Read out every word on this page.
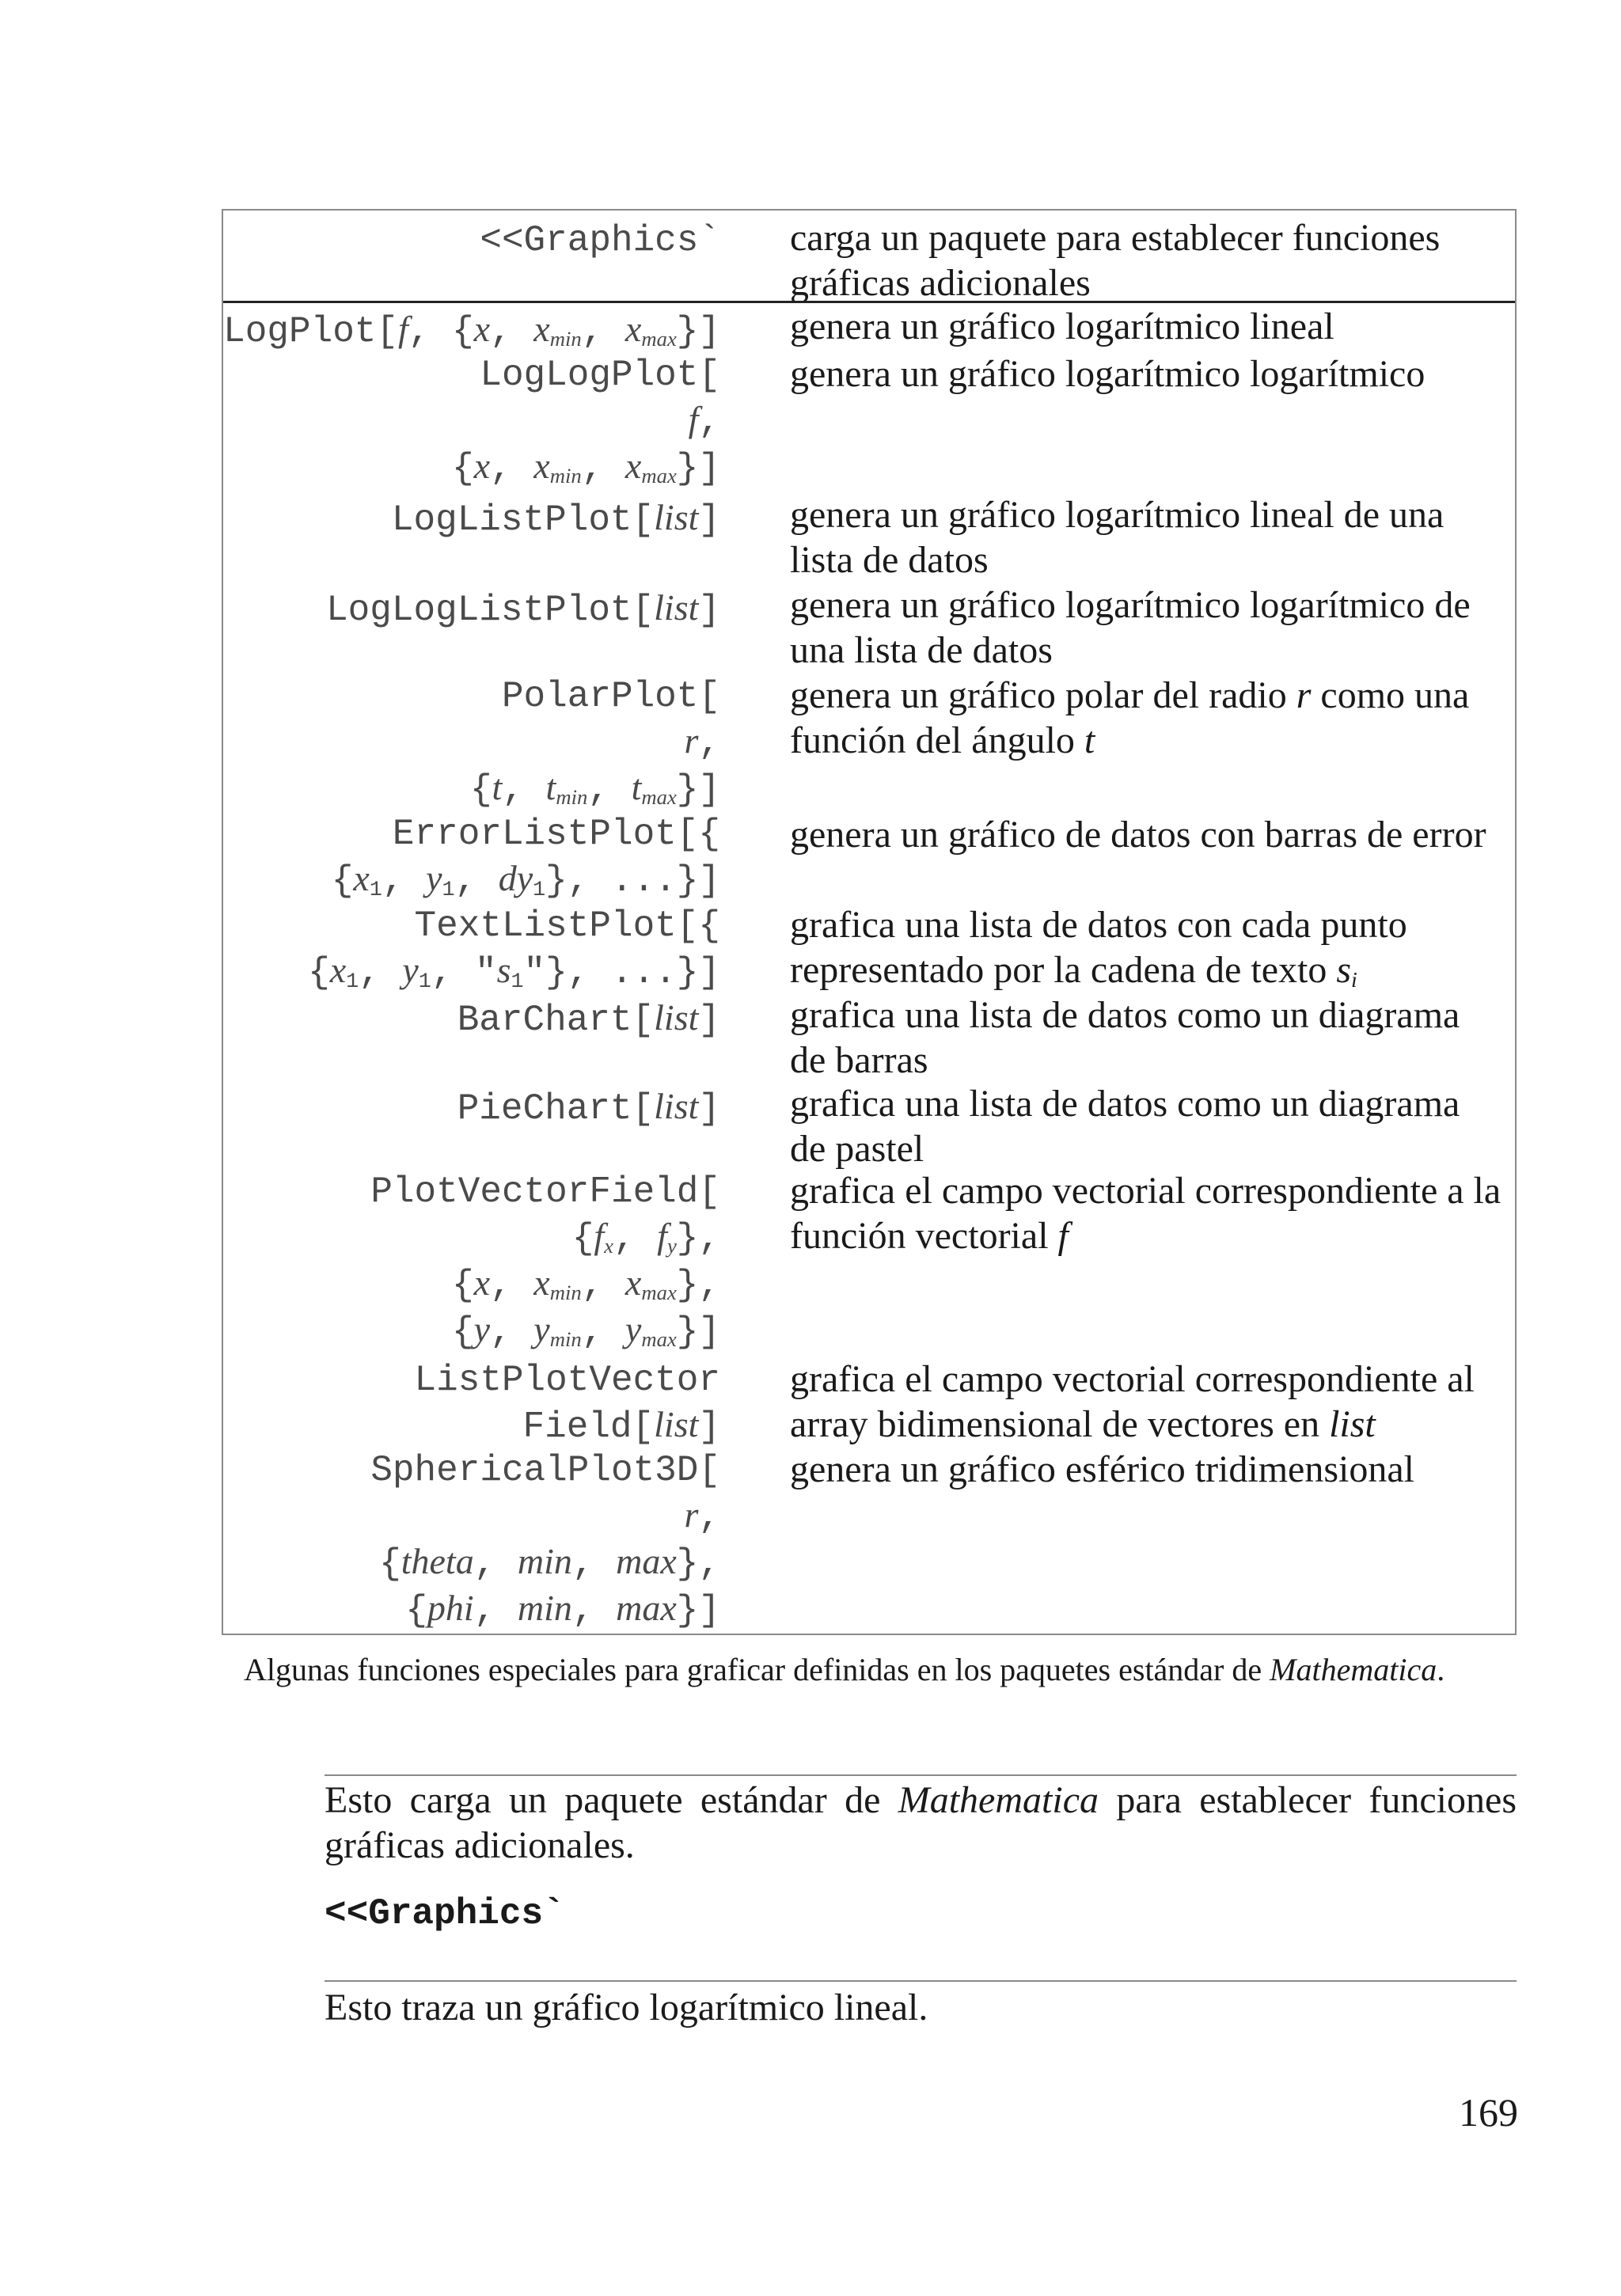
<<Graphics` carga un paquete para establecer funciones gráficas adicionales
LogPlot[f, {x, $x_{min}$, $x_{max}$}] genera un gráfico logarítmico lineal
LogLogPlot[
f,
{x, $x_{min}$, $x_{max}$}]
genera un gráfico logarítmico logarítmico
LogListPlot[list] genera un gráfico logarítmico lineal de una lista de datos
LogLogListPlot[list] genera un gráfico logarítmico logarítmico de una lista de datos
PolarPlot[
r,
{t, $t_{min}$, $t_{max}$}]
genera un gráfico polar del radio r como una función del ángulo t
ErrorListPlot[{
{$x_1$, $y_1$, $dy_1$}, ...}]
genera un gráfico de datos con barras de error
TextListPlot[{
{$x_1$, $y_1$, "$s_1$"}, ...}]
grafica una lista de datos con cada punto representado por la cadena de texto $s_i$
BarChart[list] grafica una lista de datos como un diagrama de barras
PieChart[list] grafica una lista de datos como un diagrama de pastel
PlotVectorField[
{$f_x$, $f_y$},
{x, $x_{min}$, $x_{max}$},
{y, $y_{min}$, $y_{max}$}]
grafica el campo vectorial correspondiente a la función vectorial f
ListPlotVector
Field[list]
grafica el campo vectorial correspondiente al array bidimensional de vectores en list
SphericalPlot3D[
r,
{theta, min, max},
{phi, min, max}]
genera un gráfico esférico tridimensional
Algunas funciones especiales para graficar definidas en los paquetes estándar de Mathematica.
Esto carga un paquete estándar de Mathematica para establecer funciones gráficas adicionales.
<<Graphics`
Esto traza un gráfico logarítmico lineal.
169
